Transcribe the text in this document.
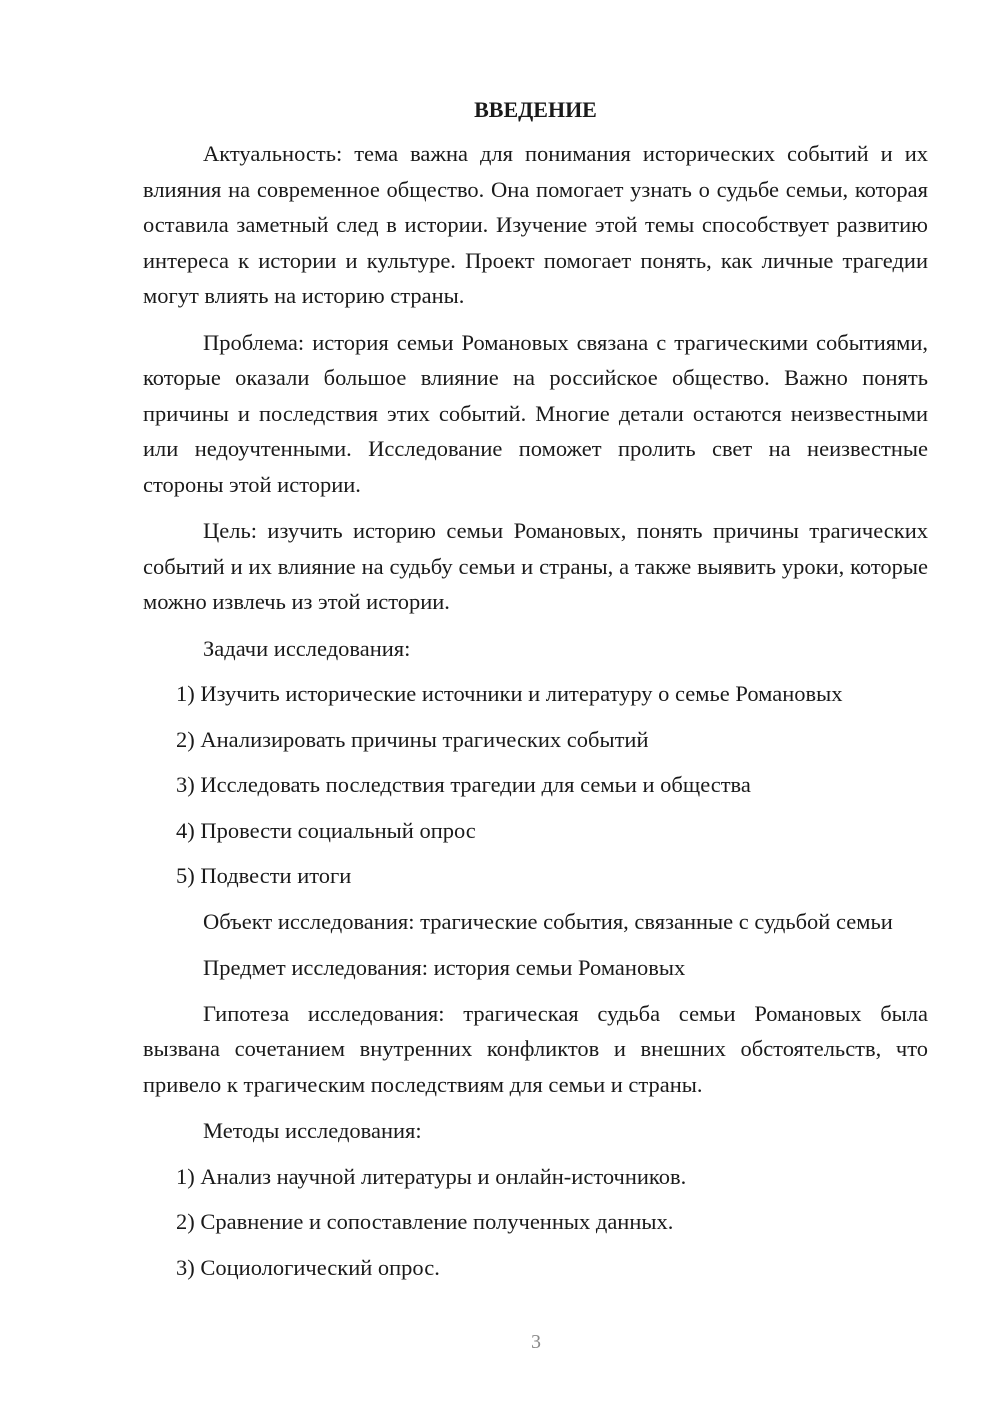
ВВЕДЕНИЕ

Актуальность: тема важна для понимания исторических событий и их влияния на современное общество. Она помогает узнать о судьбе семьи, которая оставила заметный след в истории. Изучение этой темы способствует развитию интереса к истории и культуре. Проект помогает понять, как личные трагедии могут влиять на историю страны.

Проблема: история семьи Романовых связана с трагическими событиями, которые оказали большое влияние на российское общество. Важно понять причины и последствия этих событий. Многие детали остаются неизвестными или недоучтенными. Исследование поможет пролить свет на неизвестные стороны этой истории.

Цель: изучить историю семьи Романовых, понять причины трагических событий и их влияние на судьбу семьи и страны, а также выявить уроки, которые можно извлечь из этой истории.

Задачи исследования:

1) Изучить исторические источники и литературу о семье Романовых
2) Анализировать причины трагических событий
3) Исследовать последствия трагедии для семьи и общества
4) Провести социальный опрос
5) Подвести итоги

Объект исследования: трагические события, связанные с судьбой семьи

Предмет исследования: история семьи Романовых

Гипотеза исследования: трагическая судьба семьи Романовых была вызвана сочетанием внутренних конфликтов и внешних обстоятельств, что привело к трагическим последствиям для семьи и страны.

Методы исследования:

1) Анализ научной литературы и онлайн-источников.
2) Сравнение и сопоставление полученных данных.
3) Социологический опрос.
3
